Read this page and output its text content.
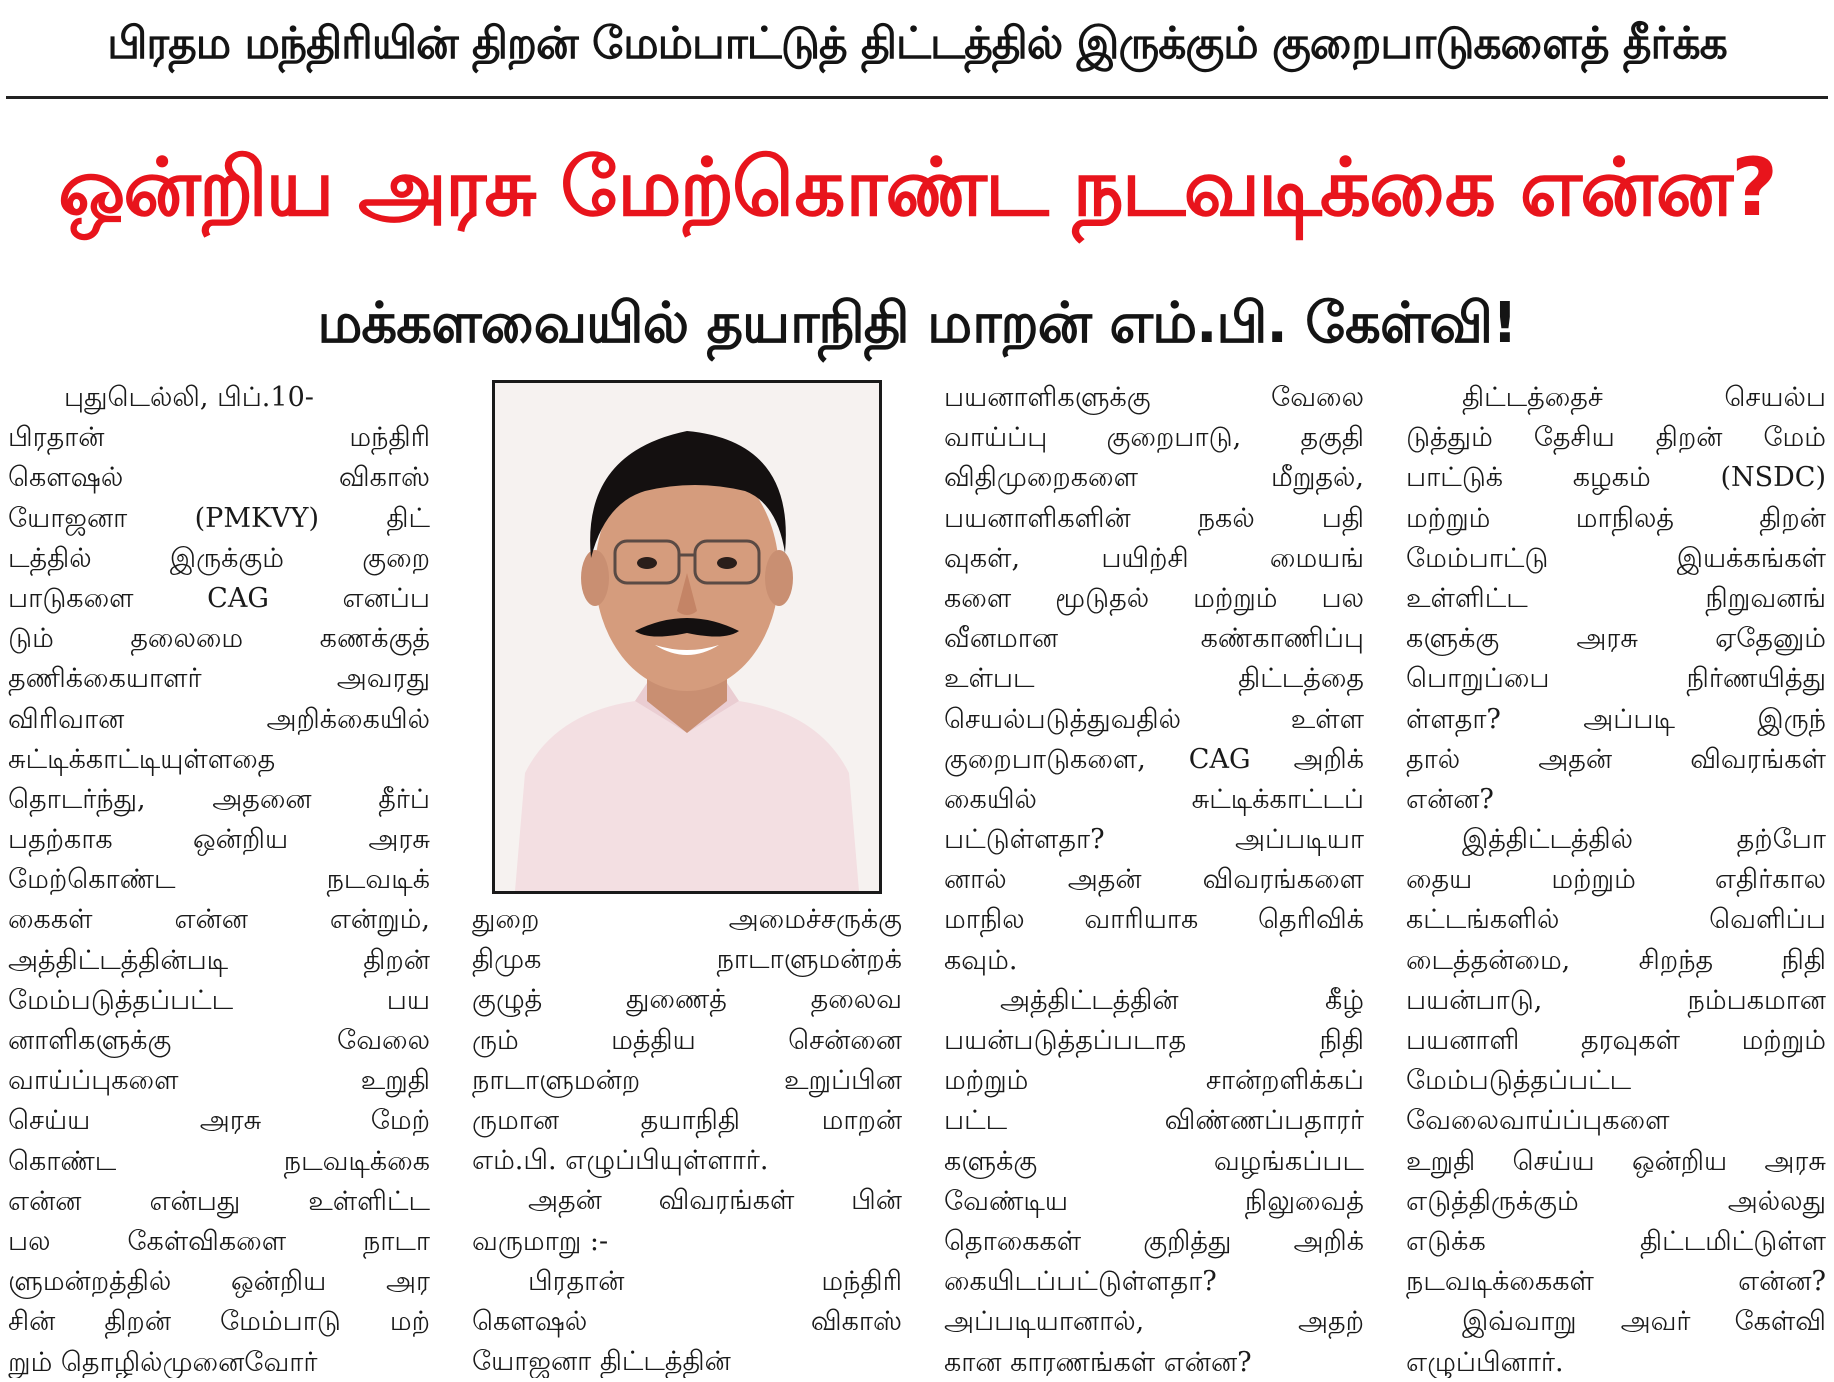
பிரதம மந்திரியின் திறன் மேம்பாட்டுத் திட்டத்தில் இருக்கும் குறைபாடுகளைத் தீர்க்க
ஒன்றிய அரசு மேற்கொண்ட நடவடிக்கை என்ன?
மக்களவையில் தயாநிதி மாறன் எம்.பி. கேள்வி!
புதுடெல்லி, பிப்.10-
பிரதான் மந்திரி
கௌஷல் விகாஸ்
யோஜனா (PMKVY) திட்
டத்தில் இருக்கும் குறை
பாடுகளை CAG எனப்ப
டும் தலைமை கணக்குத்
தணிக்கையாளர் அவரது
விரிவான அறிக்கையில்
சுட்டிக்காட்டியுள்ளதை
தொடர்ந்து, அதனை தீர்ப்
பதற்காக ஒன்றிய அரசு
மேற்கொண்ட நடவடிக்
கைகள் என்ன என்றும்,
அத்திட்டத்தின்படி திறன்
மேம்படுத்தப்பட்ட பய
னாளிகளுக்கு வேலை
வாய்ப்புகளை உறுதி
செய்ய அரசு மேற்
கொண்ட நடவடிக்கை
என்ன என்பது உள்ளிட்ட
பல கேள்விகளை நாடா
ளுமன்றத்தில் ஒன்றிய அர
சின் திறன் மேம்பாடு மற்
றும் தொழில்முனைவோர்
துறை அமைச்சருக்கு
திமுக நாடாளுமன்றக்
குழுத் துணைத் தலைவ
ரும் மத்திய சென்னை
நாடாளுமன்ற உறுப்பின
ருமான தயாநிதி மாறன்
எம்.பி. எழுப்பியுள்ளார்.
அதன் விவரங்கள் பின்
வருமாறு :-
பிரதான் மந்திரி
கௌஷல் விகாஸ்
யோஜனா திட்டத்தின்
பயனாளிகளுக்கு வேலை
வாய்ப்பு குறைபாடு, தகுதி
விதிமுறைகளை மீறுதல்,
பயனாளிகளின் நகல் பதி
வுகள், பயிற்சி மையங்
களை மூடுதல் மற்றும் பல
வீனமான கண்காணிப்பு
உள்பட திட்டத்தை
செயல்படுத்துவதில் உள்ள
குறைபாடுகளை, CAG அறிக்
கையில் சுட்டிக்காட்டப்
பட்டுள்ளதா? அப்படியா
னால் அதன் விவரங்களை
மாநில வாரியாக தெரிவிக்
கவும்.
அத்திட்டத்தின் கீழ்
பயன்படுத்தப்படாத நிதி
மற்றும் சான்றளிக்கப்
பட்ட விண்ணப்பதாரர்
களுக்கு வழங்கப்பட
வேண்டிய நிலுவைத்
தொகைகள் குறித்து அறிக்
கையிடப்பட்டுள்ளதா?
அப்படியானால், அதற்
கான காரணங்கள் என்ன?
திட்டத்தைச் செயல்ப
டுத்தும் தேசிய திறன் மேம்
பாட்டுக் கழகம் (NSDC)
மற்றும் மாநிலத் திறன்
மேம்பாட்டு இயக்கங்கள்
உள்ளிட்ட நிறுவனங்
களுக்கு அரசு ஏதேனும்
பொறுப்பை நிர்ணயித்து
ள்ளதா? அப்படி இருந்
தால் அதன் விவரங்கள்
என்ன?
இத்திட்டத்தில் தற்போ
தைய மற்றும் எதிர்கால
கட்டங்களில் வெளிப்ப
டைத்தன்மை, சிறந்த நிதி
பயன்பாடு, நம்பகமான
பயனாளி தரவுகள் மற்றும்
மேம்படுத்தப்பட்ட
வேலைவாய்ப்புகளை
உறுதி செய்ய ஒன்றிய அரசு
எடுத்திருக்கும் அல்லது
எடுக்க திட்டமிட்டுள்ள
நடவடிக்கைகள் என்ன?
இவ்வாறு அவர் கேள்வி
எழுப்பினார்.
